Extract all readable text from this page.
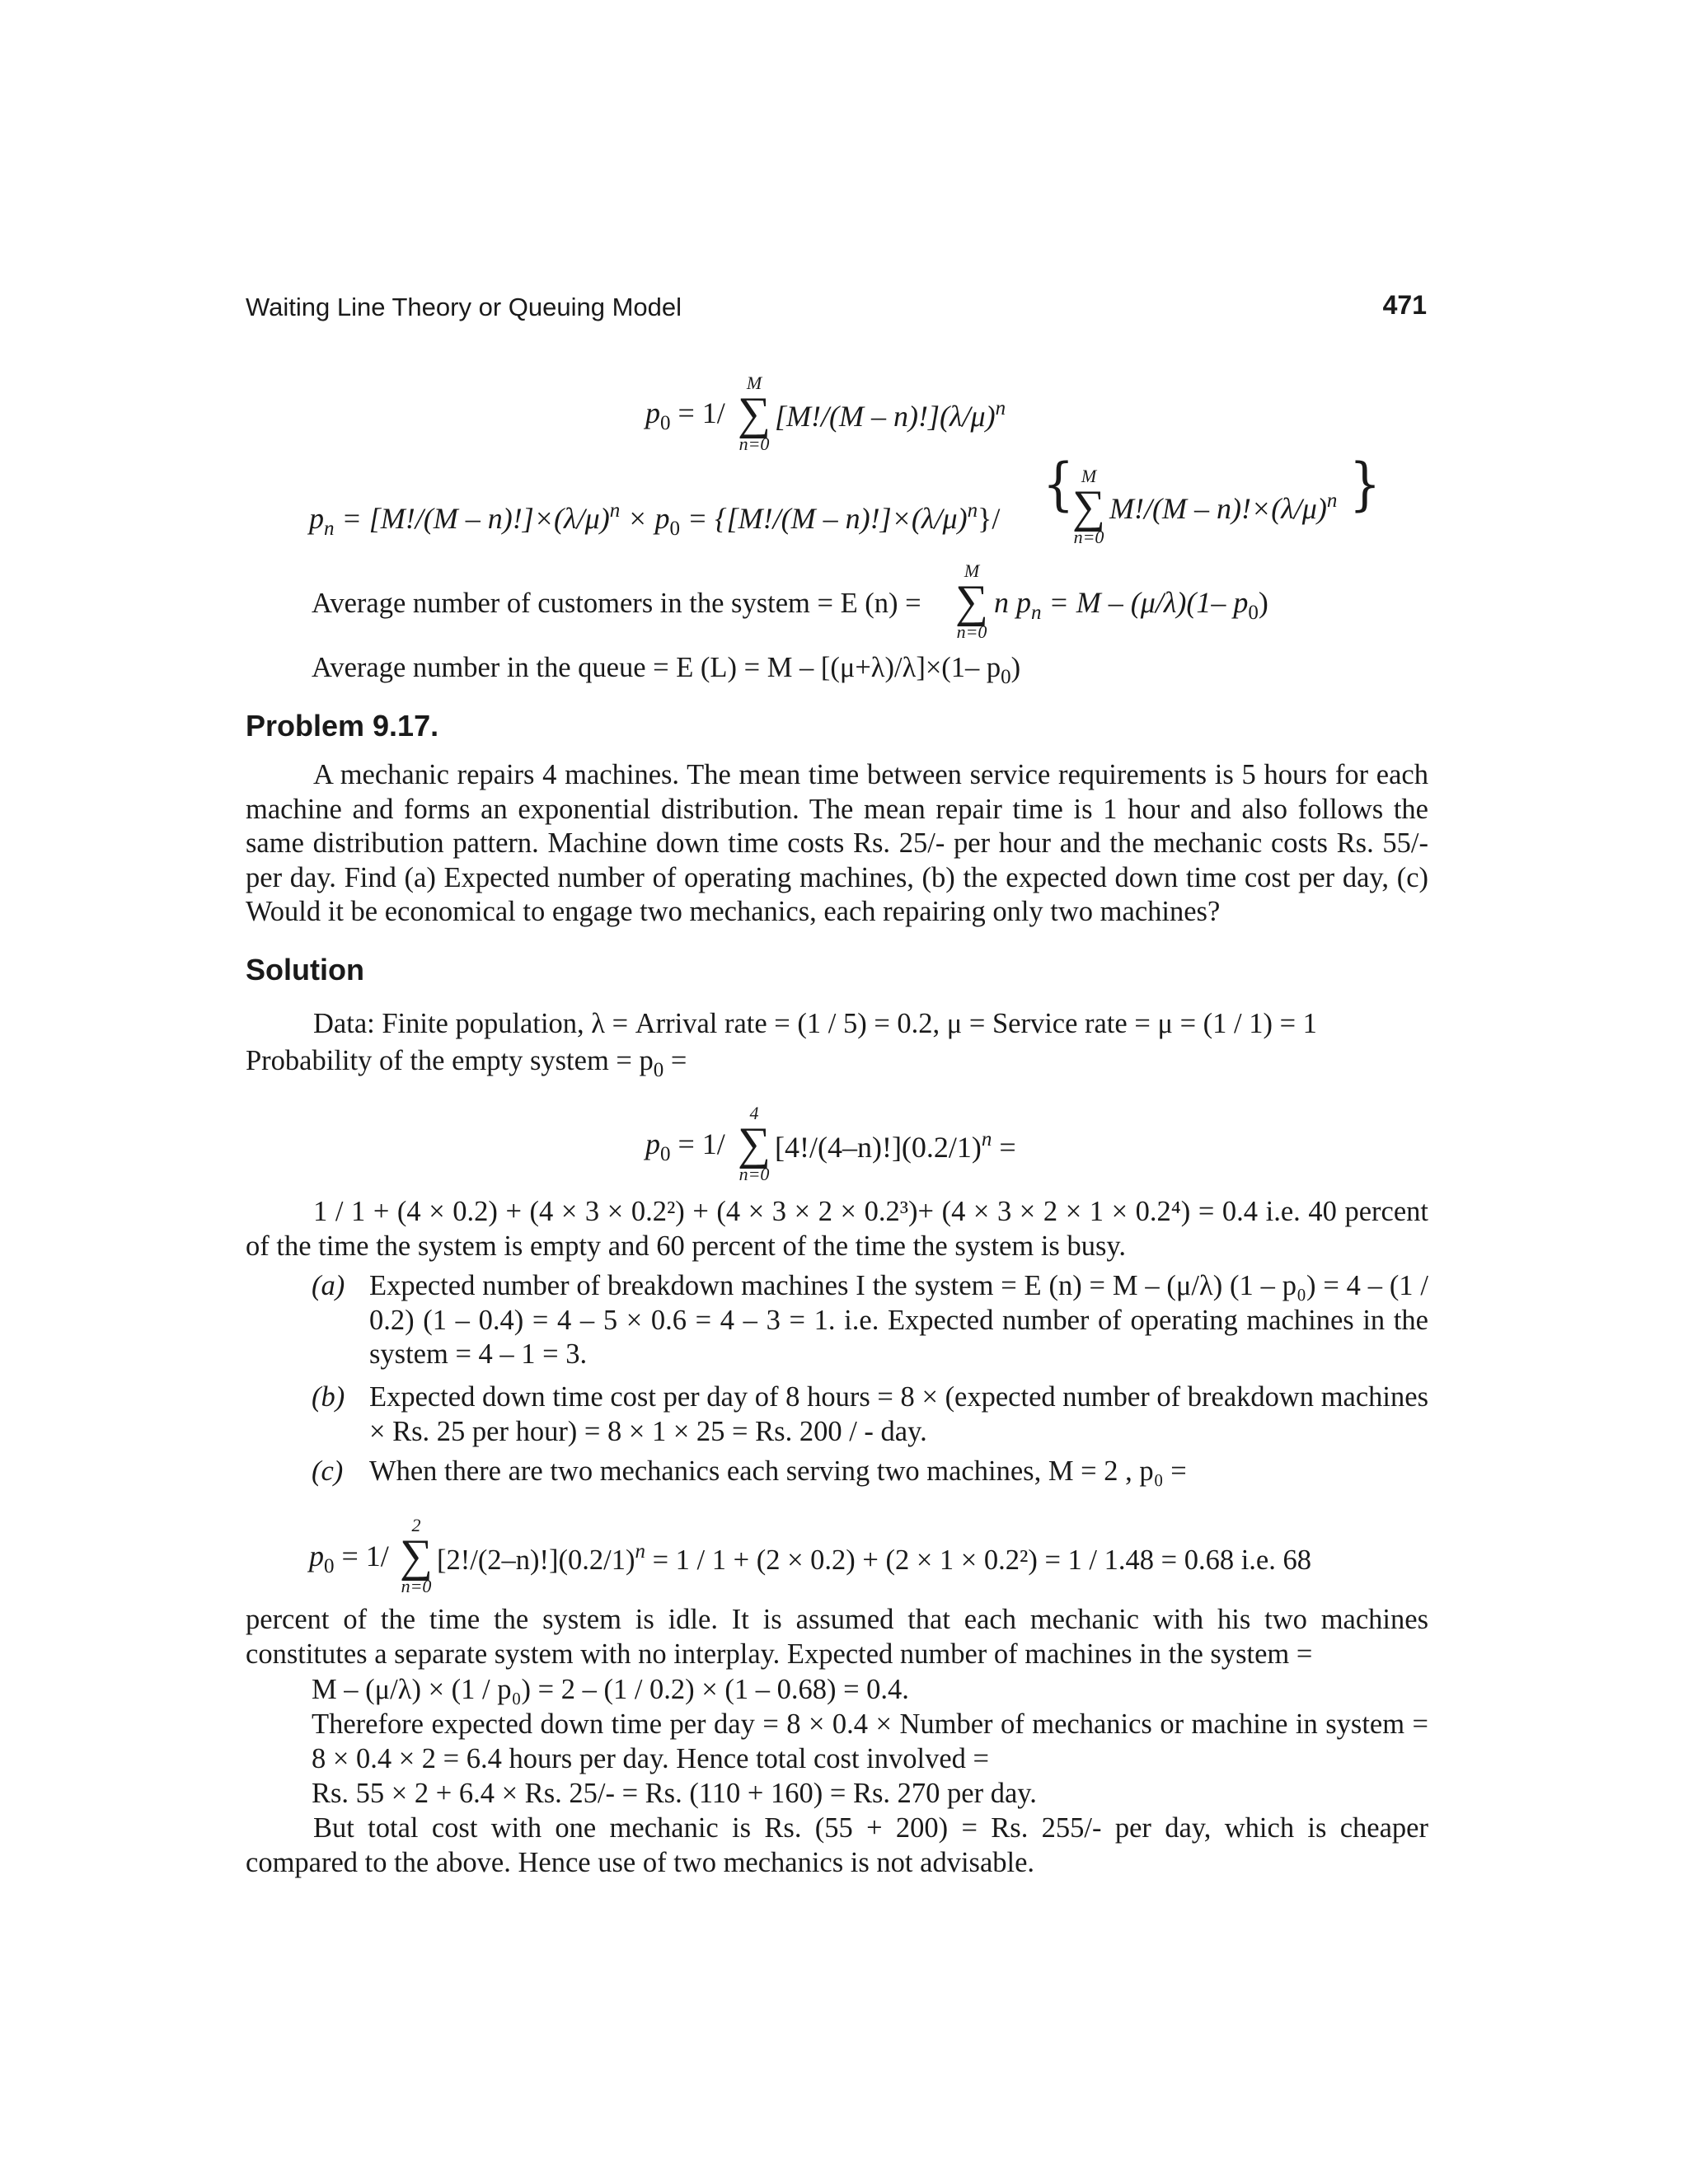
Waiting Line Theory or Queuing Model	471
$p_0 = 1/$
M
∑
n=0
$[M!/(M - n)!](\lambda/\mu)^n$
$p_n = [M!/(M - n)!]\times(\lambda/\mu)^n \times p_0 = \{[M!/(M - n)!]\times(\lambda/\mu)^n\}/$
{ M
∑
n=0
$M!/(M - n)!\times(\lambda/\mu)^n$ }
Average number of customers in the system = E (n) =
M
∑
n=0
n $p_n = M - (\mu/\lambda)(1-$ $p_0$)
Average number in the queue = E (L) = M – [(μ+λ)/λ]×(1– $p_0$)
Problem 9.17.

A mechanic repairs 4 machines. The mean time between service requirements is 5 hours for each machine and forms an exponential distribution. The mean repair time is 1 hour and also follows the same distribution pattern. Machine down time costs Rs. 25/- per hour and the mechanic costs Rs. 55/- per day. Find (a) Expected number of operating machines, (b) the expected down time cost per day, (c) Would it be economical to engage two mechanics, each repairing only two machines?

Solution

Data: Finite population, λ = Arrival rate = (1 / 5) = 0.2, μ = Service rate = μ = (1 / 1) = 1

Probability of the empty system = $p_0$ =
$p_0 = 1/$
4
∑
n=0
$[4!/(4-n)!](0.2/1)^n$ =

1 / 1 + (4 × 0.2) + (4 × 3 × 0.2²) + (4 × 3 × 2 × 0.2³)+ (4 × 3 × 2 × 1 × 0.2⁴) = 0.4 i.e. 40 percent of the time the system is empty and 60 percent of the time the system is busy.

(a) Expected number of breakdown machines I the system = E (n) = M – (μ/λ) (1 – p₀) = 4 – (1 / 0.2) (1 – 0.4) = 4 – 5 × 0.6 = 4 – 3 = 1. i.e. Expected number of operating machines in the system = 4 – 1 = 3.
(b) Expected down time cost per day of 8 hours = 8 × (expected number of breakdown machines × Rs. 25 per hour) = 8 × 1 × 25 = Rs. 200 / - day.
(c) When there are two mechanics each serving two machines, M = 2 , p₀ =
$p_0 = 1/$
2
∑
n=0
$[2!/(2-n)!](0.2/1)^n = 1 / 1 + (2 \times 0.2) + (2 \times 1 \times 0.2^2) = 1 / 1.48 = 0.68$ i.e. 68

percent of the time the system is idle. It is assumed that each mechanic with his two machines constitutes a separate system with no interplay. Expected number of machines in the system =

M – (μ/λ) × (1 / p₀) = 2 – (1 / 0.2) × (1 – 0.68) = 0.4.

Therefore expected down time per day = 8 × 0.4 × Number of mechanics or machine in system = 8 × 0.4 × 2 = 6.4 hours per day. Hence total cost involved =

Rs. 55 × 2 + 6.4 × Rs. 25/- = Rs. (110 + 160) = Rs. 270 per day.

But total cost with one mechanic is Rs. (55 + 200) = Rs. 255/- per day, which is cheaper compared to the above. Hence use of two mechanics is not advisable.
